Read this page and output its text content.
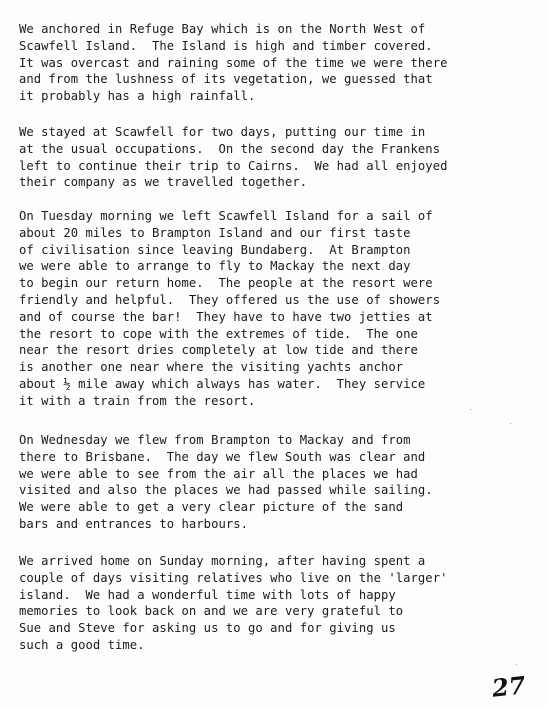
We anchored in Refuge Bay which is on the North West of
Scawfell Island.  The Island is high and timber covered.
It was overcast and raining some of the time we were there
and from the lushness of its vegetation, we guessed that
it probably has a high rainfall.
We stayed at Scawfell for two days, putting our time in
at the usual occupations.  On the second day the Frankens
left to continue their trip to Cairns.  We had all enjoyed
their company as we travelled together.
On Tuesday morning we left Scawfell Island for a sail of
about 20 miles to Brampton Island and our first taste
of civilisation since leaving Bundaberg.  At Brampton
we were able to arrange to fly to Mackay the next day
to begin our return home.  The people at the resort were
friendly and helpful.  They offered us the use of showers
and of course the bar!  They have to have two jetties at
the resort to cope with the extremes of tide.  The one
near the resort dries completely at low tide and there
is another one near where the visiting yachts anchor
about ½ mile away which always has water.  They service
it with a train from the resort.
On Wednesday we flew from Brampton to Mackay and from
there to Brisbane.  The day we flew South was clear and
we were able to see from the air all the places we had
visited and also the places we had passed while sailing.
We were able to get a very clear picture of the sand
bars and entrances to harbours.
We arrived home on Sunday morning, after having spent a
couple of days visiting relatives who live on the 'larger'
island.  We had a wonderful time with lots of happy
memories to look back on and we are very grateful to
Sue and Steve for asking us to go and for giving us
such a good time.
27
